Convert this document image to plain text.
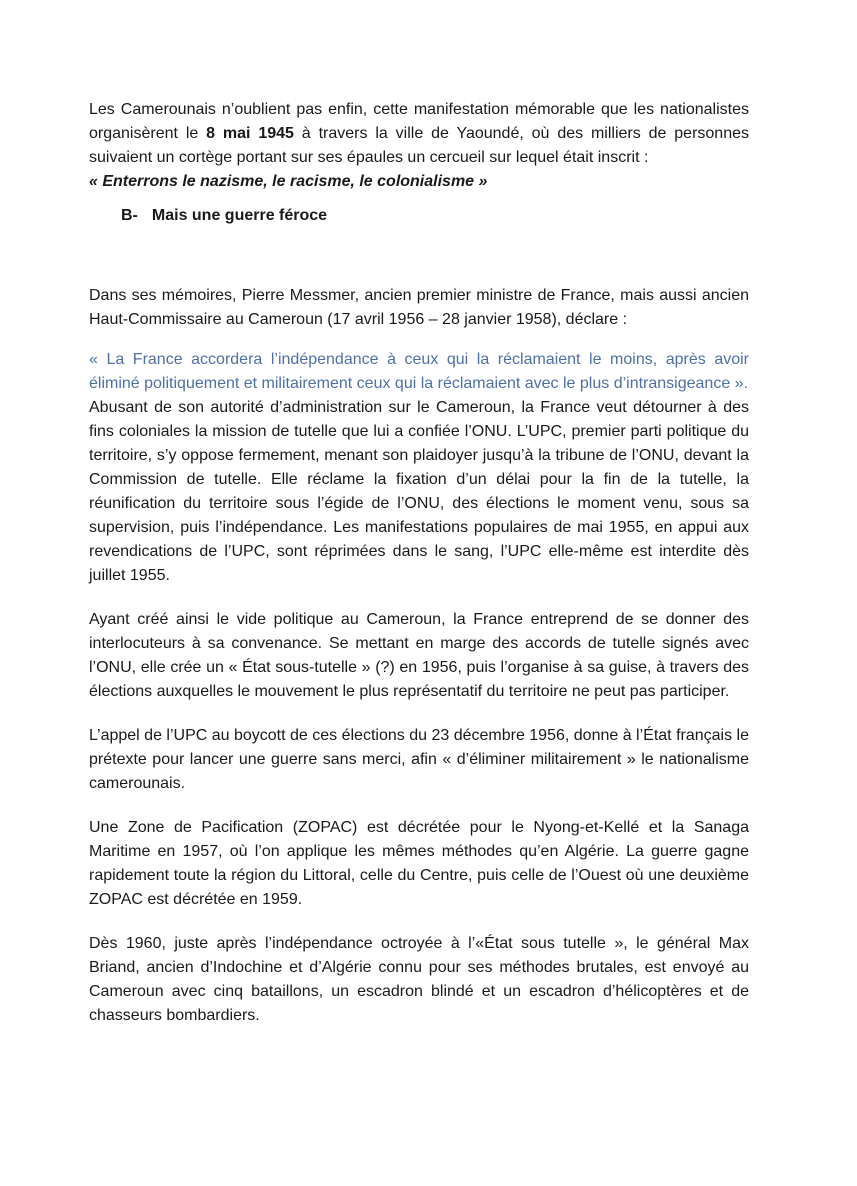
Les Camerounais n’oublient pas enfin, cette manifestation mémorable que les nationalistes organisèrent le 8 mai 1945 à travers la ville de Yaoundé, où des milliers de personnes suivaient un cortège portant sur ses épaules un cercueil sur lequel était inscrit :
« Enterrons le nazisme, le racisme, le colonialisme »

B- Mais une guerre féroce

Dans ses mémoires, Pierre Messmer, ancien premier ministre de France, mais aussi ancien Haut-Commissaire au Cameroun (17 avril 1956 – 28 janvier 1958), déclare :

« La France accordera l’indépendance à ceux qui la réclamaient le moins, après avoir éliminé politiquement et militairement ceux qui la réclamaient avec le plus d’intransigeance ».

Abusant de son autorité d’administration sur le Cameroun, la France veut détourner à des fins coloniales la mission de tutelle que lui a confiée l’ONU. L’UPC, premier parti politique du territoire, s’y oppose fermement, menant son plaidoyer jusqu’à la tribune de l’ONU, devant la Commission de tutelle. Elle réclame la fixation d’un délai pour la fin de la tutelle, la réunification du territoire sous l’égide de l’ONU, des élections le moment venu, sous sa supervision, puis l’indépendance. Les manifestations populaires de mai 1955, en appui aux revendications de l’UPC, sont réprimées dans le sang, l’UPC elle-même est interdite dès juillet 1955.

Ayant créé ainsi le vide politique au Cameroun, la France entreprend de se donner des interlocuteurs à sa convenance. Se mettant en marge des accords de tutelle signés avec l’ONU, elle crée un « État sous-tutelle » (?) en 1956, puis l’organise à sa guise, à travers des élections auxquelles le mouvement le plus représentatif du territoire ne peut pas participer.

L’appel de l’UPC au boycott de ces élections du 23 décembre 1956, donne à l’État français le prétexte pour lancer une guerre sans merci, afin « d’éliminer militairement » le nationalisme camerounais.

Une Zone de Pacification (ZOPAC) est décrétée pour le Nyong-et-Kellé et la Sanaga Maritime en 1957, où l’on applique les mêmes méthodes qu’en Algérie. La guerre gagne rapidement toute la région du Littoral, celle du Centre, puis celle de l’Ouest où une deuxième ZOPAC est décrétée en 1959.

Dès 1960, juste après l’indépendance octroyée à l’«État sous tutelle », le général Max Briand, ancien d’Indochine et d’Algérie connu pour ses méthodes brutales, est envoyé au Cameroun avec cinq bataillons, un escadron blindé et un escadron d’hélicoptères et de chasseurs bombardiers.
